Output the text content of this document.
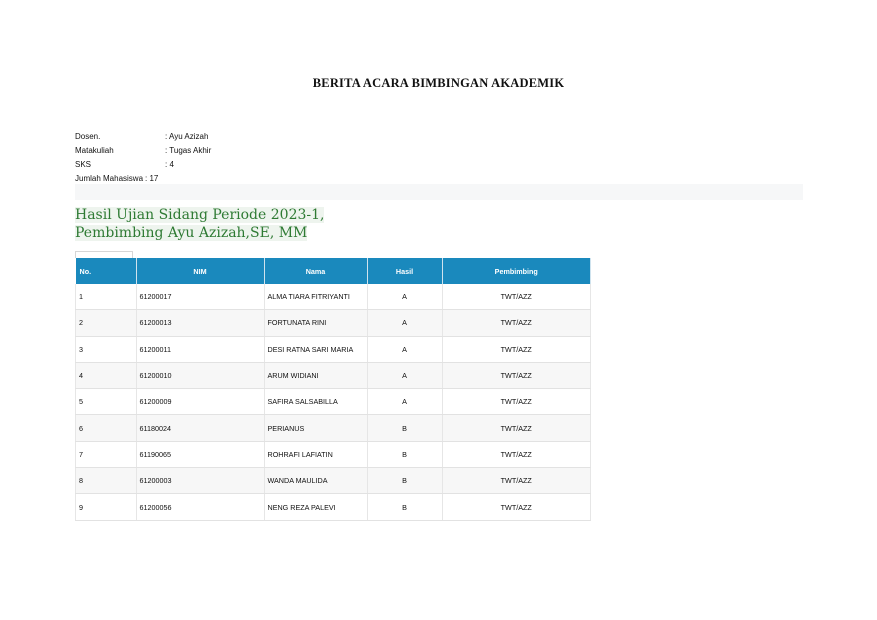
BERITA ACARA BIMBINGAN AKADEMIK
Dosen.	: Ayu Azizah
Matakuliah	: Tugas Akhir
SKS	: 4
Jumlah Mahasiswa : 17
Hasil Ujian Sidang Periode 2023-1,
Pembimbing Ayu Azizah,SE, MM
No.	NIM	Nama	Hasil	Pembimbing
1	61200017	ALMA TIARA FITRIYANTI	A	TWT/AZZ
2	61200013	FORTUNATA RINI	A	TWT/AZZ
3	61200011	DESI RATNA SARI MARIA	A	TWT/AZZ
4	61200010	ARUM WIDIANI	A	TWT/AZZ
5	61200009	SAFIRA SALSABILLA	A	TWT/AZZ
6	61180024	PERIANUS	B	TWT/AZZ
7	61190065	ROHRAFI LAFIATIN	B	TWT/AZZ
8	61200003	WANDA MAULIDA	B	TWT/AZZ
9	61200056	NENG REZA PALEVI	B	TWT/AZZ
